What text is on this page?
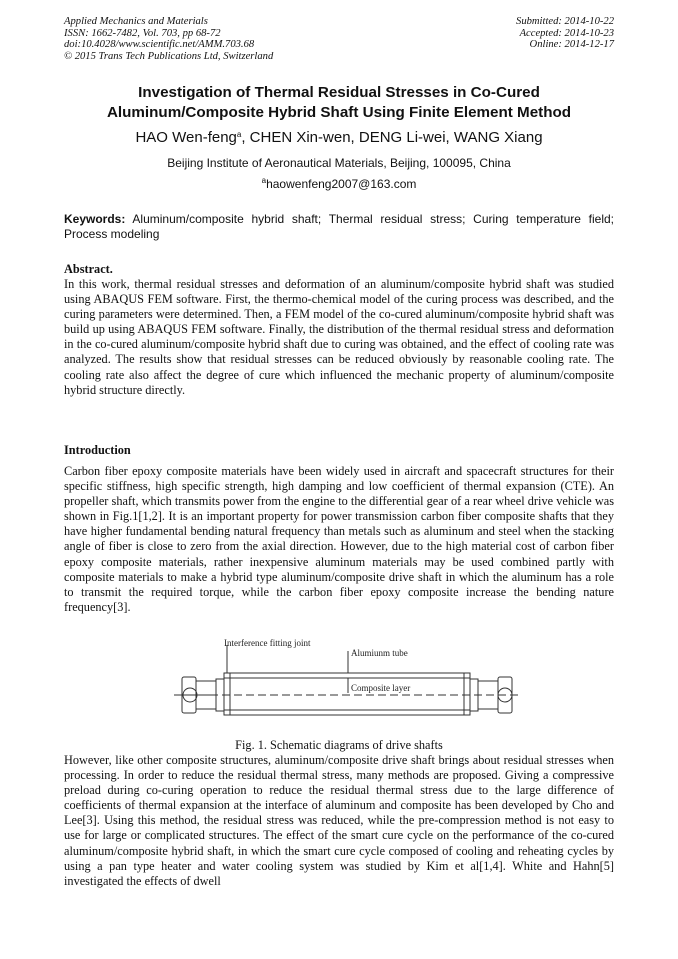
Applied Mechanics and Materials
ISSN: 1662-7482, Vol. 703, pp 68-72
doi:10.4028/www.scientific.net/AMM.703.68
© 2015 Trans Tech Publications Ltd, Switzerland
Submitted: 2014-10-22
Accepted: 2014-10-23
Online: 2014-12-17
Investigation of Thermal Residual Stresses in Co-Cured
Aluminum/Composite Hybrid Shaft Using Finite Element Method
HAO Wen-feng$^a$, CHEN Xin-wen, DENG Li-wei, WANG Xiang
Beijing Institute of Aeronautical Materials, Beijing, 100095, China
$^a$haowenfeng2007@163.com
Keywords: Aluminum/composite hybrid shaft; Thermal residual stress; Curing temperature field; Process modeling
Abstract.

In this work, thermal residual stresses and deformation of an aluminum/composite hybrid shaft was studied using ABAQUS FEM software. First, the thermo-chemical model of the curing process was described, and the curing parameters were determined. Then, a FEM model of the co-cured aluminum/composite hybrid shaft was build up using ABAQUS FEM software. Finally, the distribution of the thermal residual stress and deformation in the co-cured aluminum/composite hybrid shaft due to curing was obtained, and the effect of cooling rate was analyzed. The results show that residual stresses can be reduced obviously by reasonable cooling rate. The cooling rate also affect the degree of cure which influenced the mechanic property of aluminum/composite hybrid structure directly.

Introduction

Carbon fiber epoxy composite materials have been widely used in aircraft and spacecraft structures for their specific stiffness, high specific strength, high damping and low coefficient of thermal expansion (CTE). An propeller shaft, which transmits power from the engine to the differential gear of a rear wheel drive vehicle was shown in Fig.1[1,2]. It is an important property for power transmission carbon fiber composite shafts that they have higher fundamental bending natural frequency than metals such as aluminum and steel when the stacking angle of fiber is close to zero from the axial direction. However, due to the high material cost of carbon fiber epoxy composite materials, rather inexpensive aluminum materials may be used combined partly with composite materials to make a hybrid type aluminum/composite drive shaft in which the aluminum has a role to transmit the required torque, while the carbon fiber epoxy composite increase the bending nature frequency[3].

Interference fitting joint
Alumiunm tube
Composite layer
Fig. 1. Schematic diagrams of drive shafts

However, like other composite structures, aluminum/composite drive shaft brings about residual stresses when processing. In order to reduce the residual thermal stress, many methods are proposed. Giving a compressive preload during co-curing operation to reduce the residual thermal stress due to the large difference of coefficients of thermal expansion at the interface of aluminum and composite has been developed by Cho and Lee[3]. Using this method, the residual stress was reduced, while the pre-compression method is not easy to use for large or complicated structures. The effect of the smart cure cycle on the performance of the co-cured aluminum/composite hybrid shaft, in which the smart cure cycle composed of cooling and reheating cycles by using a pan type heater and water cooling system was studied by Kim et al[1,4]. White and Hahn[5] investigated the effects of dwell
